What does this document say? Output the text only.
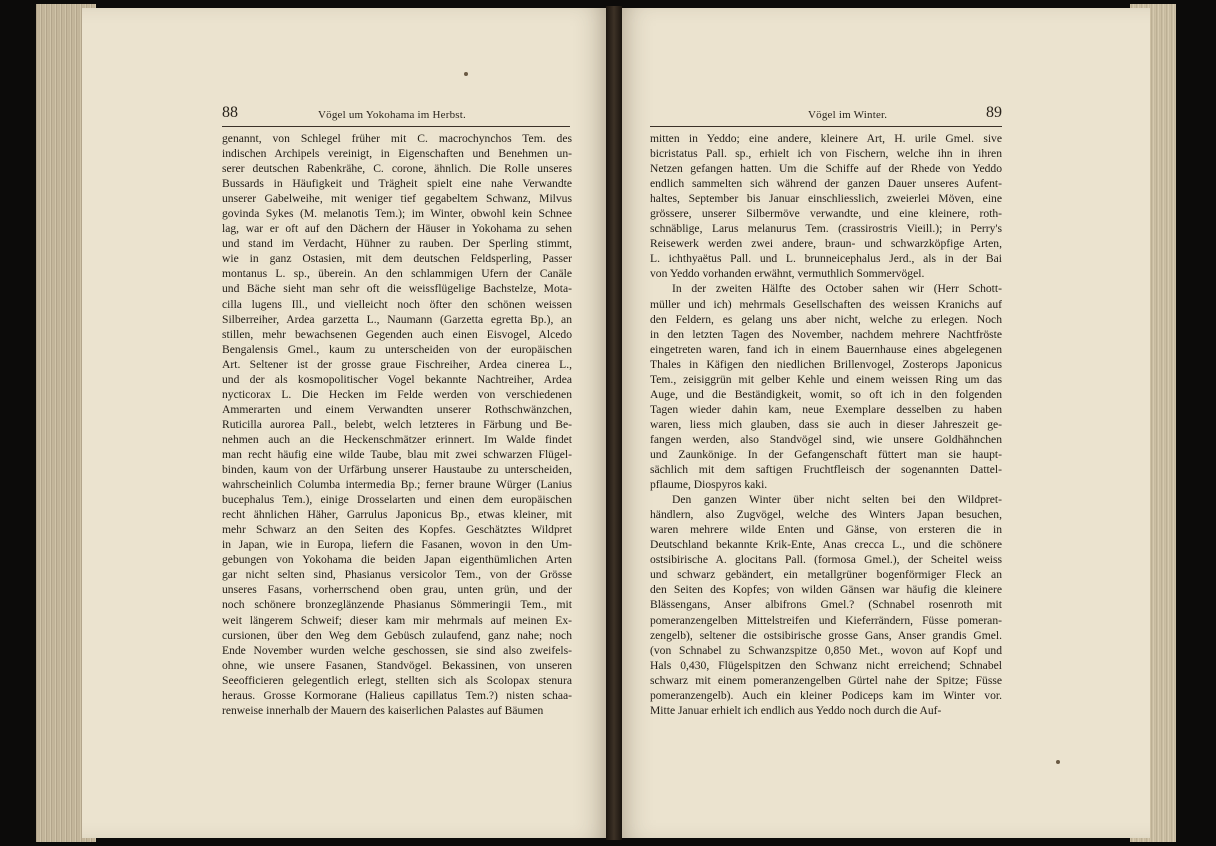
88	Vögel um Yokohama im Herbst.
genannt, von Schlegel früher mit C. macrochynchos Tem. des
indischen Archipels vereinigt, in Eigenschaften und Benehmen un-
serer deutschen Rabenkrähe, C. corone, ähnlich. Die Rolle unseres
Bussards in Häufigkeit und Trägheit spielt eine nahe Verwandte
unserer Gabelweihe, mit weniger tief gegabeltem Schwanz, Milvus
govinda Sykes (M. melanotis Tem.); im Winter, obwohl kein Schnee
lag, war er oft auf den Dächern der Häuser in Yokohama zu sehen
und stand im Verdacht, Hühner zu rauben. Der Sperling stimmt,
wie in ganz Ostasien, mit dem deutschen Feldsperling, Passer
montanus L. sp., überein. An den schlammigen Ufern der Canäle
und Bäche sieht man sehr oft die weissflügelige Bachstelze, Mota-
cilla lugens Ill., und vielleicht noch öfter den schönen weissen
Silberreiher, Ardea garzetta L., Naumann (Garzetta egretta Bp.), an
stillen, mehr bewachsenen Gegenden auch einen Eisvogel, Alcedo
Bengalensis Gmel., kaum zu unterscheiden von der europäischen
Art. Seltener ist der grosse graue Fischreiher, Ardea cinerea L.,
und der als kosmopolitischer Vogel bekannte Nachtreiher, Ardea
nycticorax L. Die Hecken im Felde werden von verschiedenen
Ammerarten und einem Verwandten unserer Rothschwänzchen,
Ruticilla aurorea Pall., belebt, welch letzteres in Färbung und Be-
nehmen auch an die Heckenschmätzer erinnert. Im Walde findet
man recht häufig eine wilde Taube, blau mit zwei schwarzen Flügel-
binden, kaum von der Urfärbung unserer Haustaube zu unterscheiden,
wahrscheinlich Columba intermedia Bp.; ferner braune Würger (Lanius
bucephalus Tem.), einige Drosselarten und einen dem europäischen
recht ähnlichen Häher, Garrulus Japonicus Bp., etwas kleiner, mit
mehr Schwarz an den Seiten des Kopfes. Geschätztes Wildpret
in Japan, wie in Europa, liefern die Fasanen, wovon in den Um-
gebungen von Yokohama die beiden Japan eigenthümlichen Arten
gar nicht selten sind, Phasianus versicolor Tem., von der Grösse
unseres Fasans, vorherrschend oben grau, unten grün, und der
noch schönere bronzeglänzende Phasianus Sömmeringii Tem., mit
weit längerem Schweif; dieser kam mir mehrmals auf meinen Ex-
cursionen, über den Weg dem Gebüsch zulaufend, ganz nahe; noch
Ende November wurden welche geschossen, sie sind also zweifels-
ohne, wie unsere Fasanen, Standvögel. Bekassinen, von unseren
Seeofficieren gelegentlich erlegt, stellten sich als Scolopax stenura
heraus. Grosse Kormorane (Halieus capillatus Tem.?) nisten schaa-
renweise innerhalb der Mauern des kaiserlichen Palastes auf Bäumen
Vögel im Winter.	89
mitten in Yeddo; eine andere, kleinere Art, H. urile Gmel. sive
bicristatus Pall. sp., erhielt ich von Fischern, welche ihn in ihren
Netzen gefangen hatten. Um die Schiffe auf der Rhede von Yeddo
endlich sammelten sich während der ganzen Dauer unseres Aufent-
haltes, September bis Januar einschliesslich, zweierlei Möven, eine
grössere, unserer Silbermöve verwandte, und eine kleinere, roth-
schnäblige, Larus melanurus Tem. (crassirostris Vieill.); in Perry's
Reisewerk werden zwei andere, braun- und schwarzköpfige Arten,
L. ichthyaëtus Pall. und L. brunneicephalus Jerd., als in der Bai
von Yeddo vorhanden erwähnt, vermuthlich Sommervögel.
In der zweiten Hälfte des October sahen wir (Herr Schott-
müller und ich) mehrmals Gesellschaften des weissen Kranichs auf
den Feldern, es gelang uns aber nicht, welche zu erlegen. Noch
in den letzten Tagen des November, nachdem mehrere Nachtfröste
eingetreten waren, fand ich in einem Bauernhause eines abgelegenen
Thales in Käfigen den niedlichen Brillenvogel, Zosterops Japonicus
Tem., zeisiggrün mit gelber Kehle und einem weissen Ring um das
Auge, und die Beständigkeit, womit, so oft ich in den folgenden
Tagen wieder dahin kam, neue Exemplare desselben zu haben
waren, liess mich glauben, dass sie auch in dieser Jahreszeit ge-
fangen werden, also Standvögel sind, wie unsere Goldhähnchen
und Zaunkönige. In der Gefangenschaft füttert man sie haupt-
sächlich mit dem saftigen Fruchtfleisch der sogenannten Dattel-
pflaume, Diospyros kaki.
Den ganzen Winter über nicht selten bei den Wildpret-
händlern, also Zugvögel, welche des Winters Japan besuchen,
waren mehrere wilde Enten und Gänse, von ersteren die in
Deutschland bekannte Krik-Ente, Anas crecca L., und die schönere
ostsibirische A. glocitans Pall. (formosa Gmel.), der Scheitel weiss
und schwarz gebändert, ein metallgrüner bogenförmiger Fleck an
den Seiten des Kopfes; von wilden Gänsen war häufig die kleinere
Blässengans, Anser albifrons Gmel.? (Schnabel rosenroth mit
pomeranzengelben Mittelstreifen und Kieferrändern, Füsse pomeran-
zengelb), seltener die ostsibirische grosse Gans, Anser grandis Gmel.
(von Schnabel zu Schwanzspitze 0,850 Met., wovon auf Kopf und
Hals 0,430, Flügelspitzen den Schwanz nicht erreichend; Schnabel
schwarz mit einem pomeranzengelben Gürtel nahe der Spitze; Füsse
pomeranzengelb). Auch ein kleiner Podiceps kam im Winter vor.
Mitte Januar erhielt ich endlich aus Yeddo noch durch die Auf-
